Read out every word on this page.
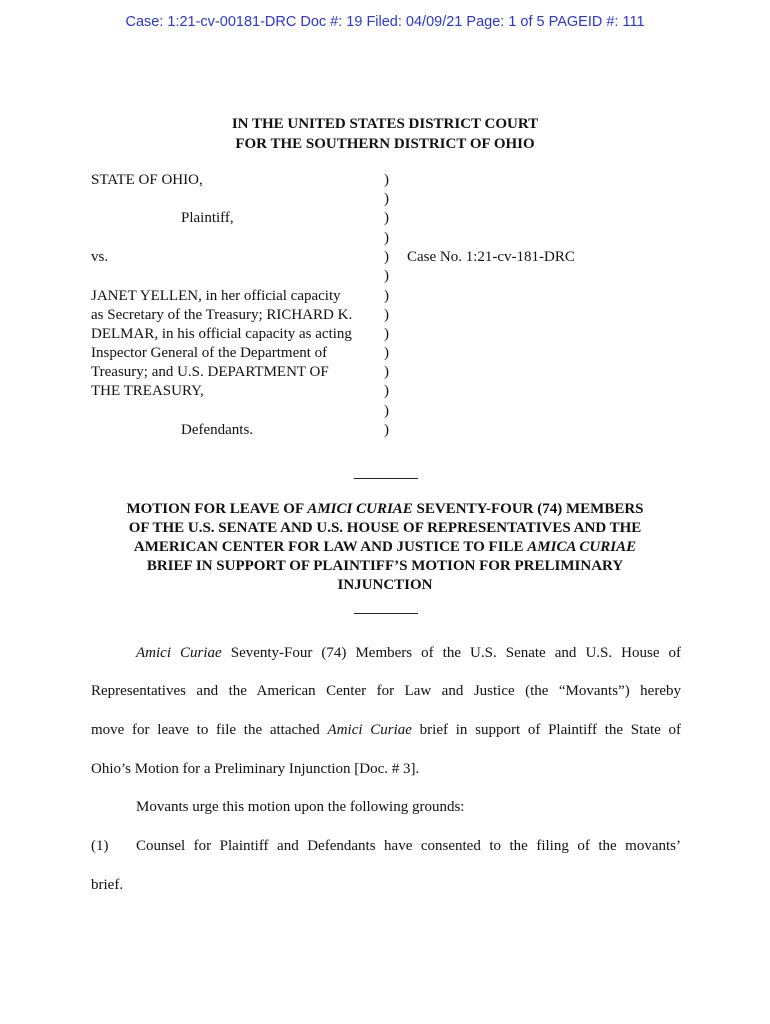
Case: 1:21-cv-00181-DRC Doc #: 19 Filed: 04/09/21 Page: 1 of 5 PAGEID #: 111
IN THE UNITED STATES DISTRICT COURT
FOR THE SOUTHERN DISTRICT OF OHIO
STATE OF OHIO,
Plaintiff,
vs.
JANET YELLEN, in her official capacity
as Secretary of the Treasury; RICHARD K.
DELMAR, in his official capacity as acting
Inspector General of the Department of
Treasury; and U.S. DEPARTMENT OF
THE TREASURY,
Defendants.
)
)
)
)
)
)
)
)
)
)
)
)
)
)
Case No. 1:21-cv-181-DRC
MOTION FOR LEAVE OF AMICI CURIAE SEVENTY-FOUR (74) MEMBERS
OF THE U.S. SENATE AND U.S. HOUSE OF REPRESENTATIVES AND THE
AMERICAN CENTER FOR LAW AND JUSTICE TO FILE AMICA CURIAE
BRIEF IN SUPPORT OF PLAINTIFF’S MOTION FOR PRELIMINARY
INJUNCTION
Amici Curiae Seventy-Four (74) Members of the U.S. Senate and U.S. House of
Representatives and the American Center for Law and Justice (the “Movants”) hereby
move for leave to file the attached Amici Curiae brief in support of Plaintiff the State of
Ohio’s Motion for a Preliminary Injunction [Doc. # 3].
Movants urge this motion upon the following grounds:
(1)	Counsel for Plaintiff and Defendants have consented to the filing of the movants’
brief.
